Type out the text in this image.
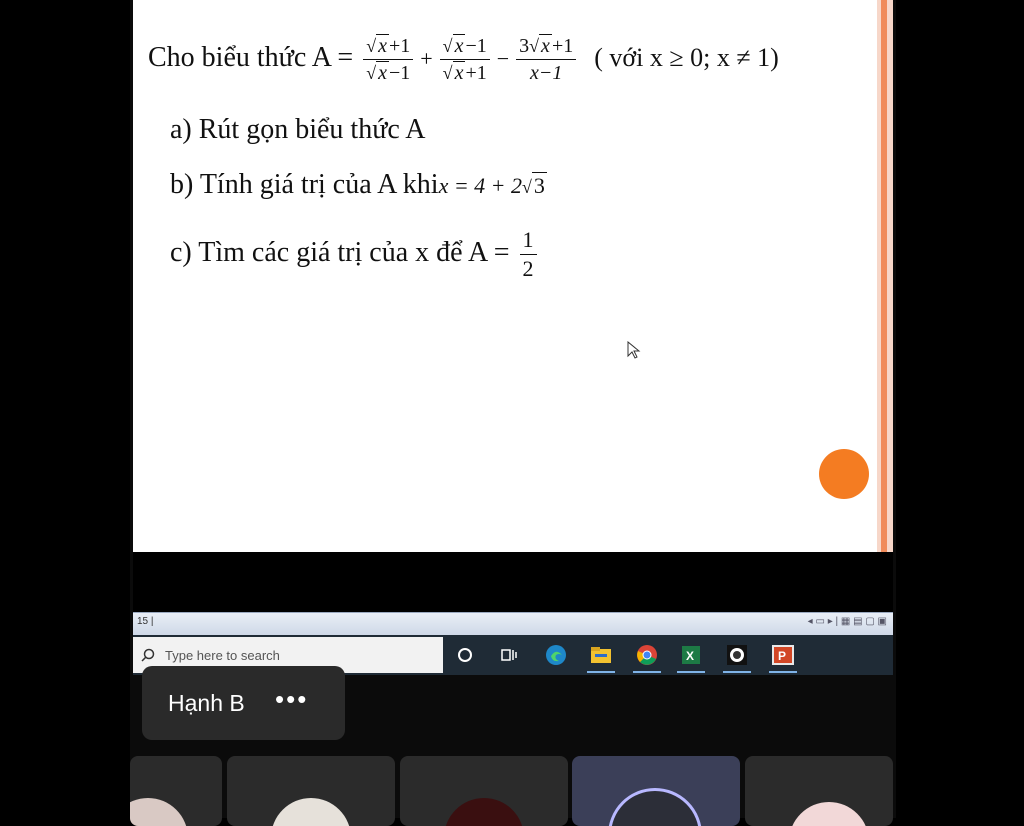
Cho biểu thức $A = \frac{√ x +1}{√ x -1} + \frac{√ x -1}{√ x +1} - \frac{3√ x +1}{x-1}$ ( với x ≥ 0; x ≠ 1)
a) Rút gọn biểu thức A
b) Tính giá trị của A khix = 4 + 2√3
c) Tìm các giá trị của x để $A = \frac{1}{2}$
15 |	◂ ▭ ▸ | ▦ ▤ ▢ ▣
Type here to search	X	P
Hạnh B •••
